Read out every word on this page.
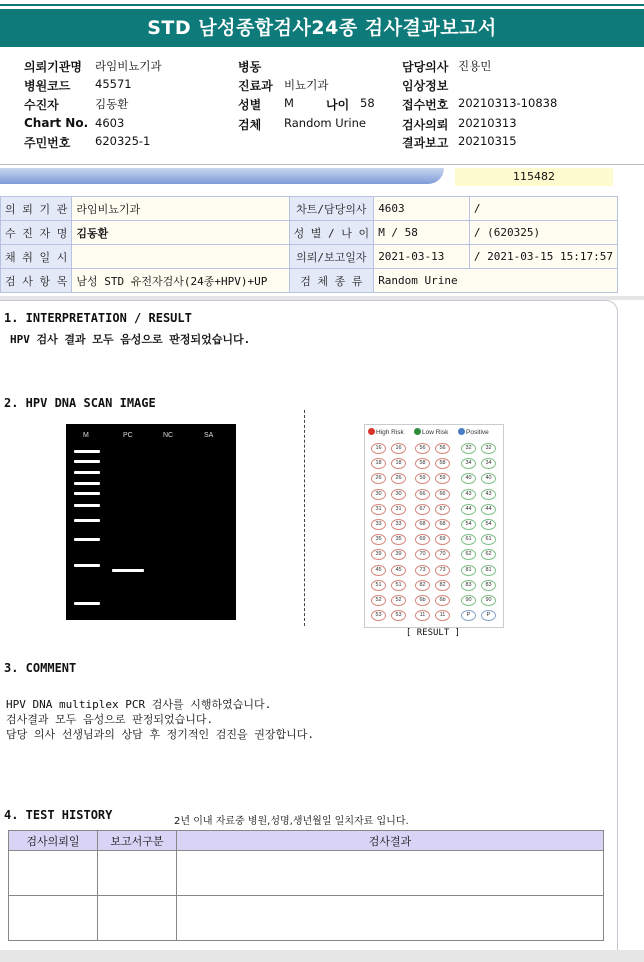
STD 남성종합검사24종 검사결과보고서
의뢰기관명 라임비뇨기과
병원코드 45571
수진자	김동환
Chart No. 4603
주민번호 620325-1
병동
진료과 비뇨기과
성별 M	나이 58
검체 Random Urine
담당의사 진용민
임상정보
접수번호 20210313-10838
검사의뢰 20210313
결과보고 20210315
115482
의 뢰 기 관	라임비뇨기과	차트/담당의사	4603	/
수 진 자 명	김동환	성 별 / 나 이	M / 58	/ (620325)
채 취 일 시		의뢰/보고일자	2021-03-13	/ 2021-03-15 15:17:57
검 사 항 목	남성 STD 유전자검사(24종+HPV)+UP	검 체 종 류	Random Urine	
1. INTERPRETATION / RESULT
HPV 검사 결과 모두 음성으로 판정되었습니다.
2. HPV DNA SCAN IMAGE
M	PC	NC	SA	High Risk	Low Risk	Positive
16	16	56	56	32	32
18	18	58	58	34	34
26	26	59	59	40	40
30	30	66	66	43	43
31	31	67	67	44	44
33	33	68	68	54	54
35	35	69	69	61	61
39	39	70	70	62	62
45	45	73	73	81	81
51	51	82	82	83	83
52	52	6b	6b	90	90
53	53	11	11	P	P
[ RESULT ]
3. COMMENT
HPV DNA multiplex PCR 검사를 시행하였습니다.
검사결과 모두 음성으로 판정되었습니다.
담당 의사 선생님과의 상담 후 정기적인 검진을 권장합니다.
4. TEST HISTORY	2년 이내 자료중 병원,성명,생년월일 일치자료 입니다.
검사의뢰일	보고서구분	검사결과
